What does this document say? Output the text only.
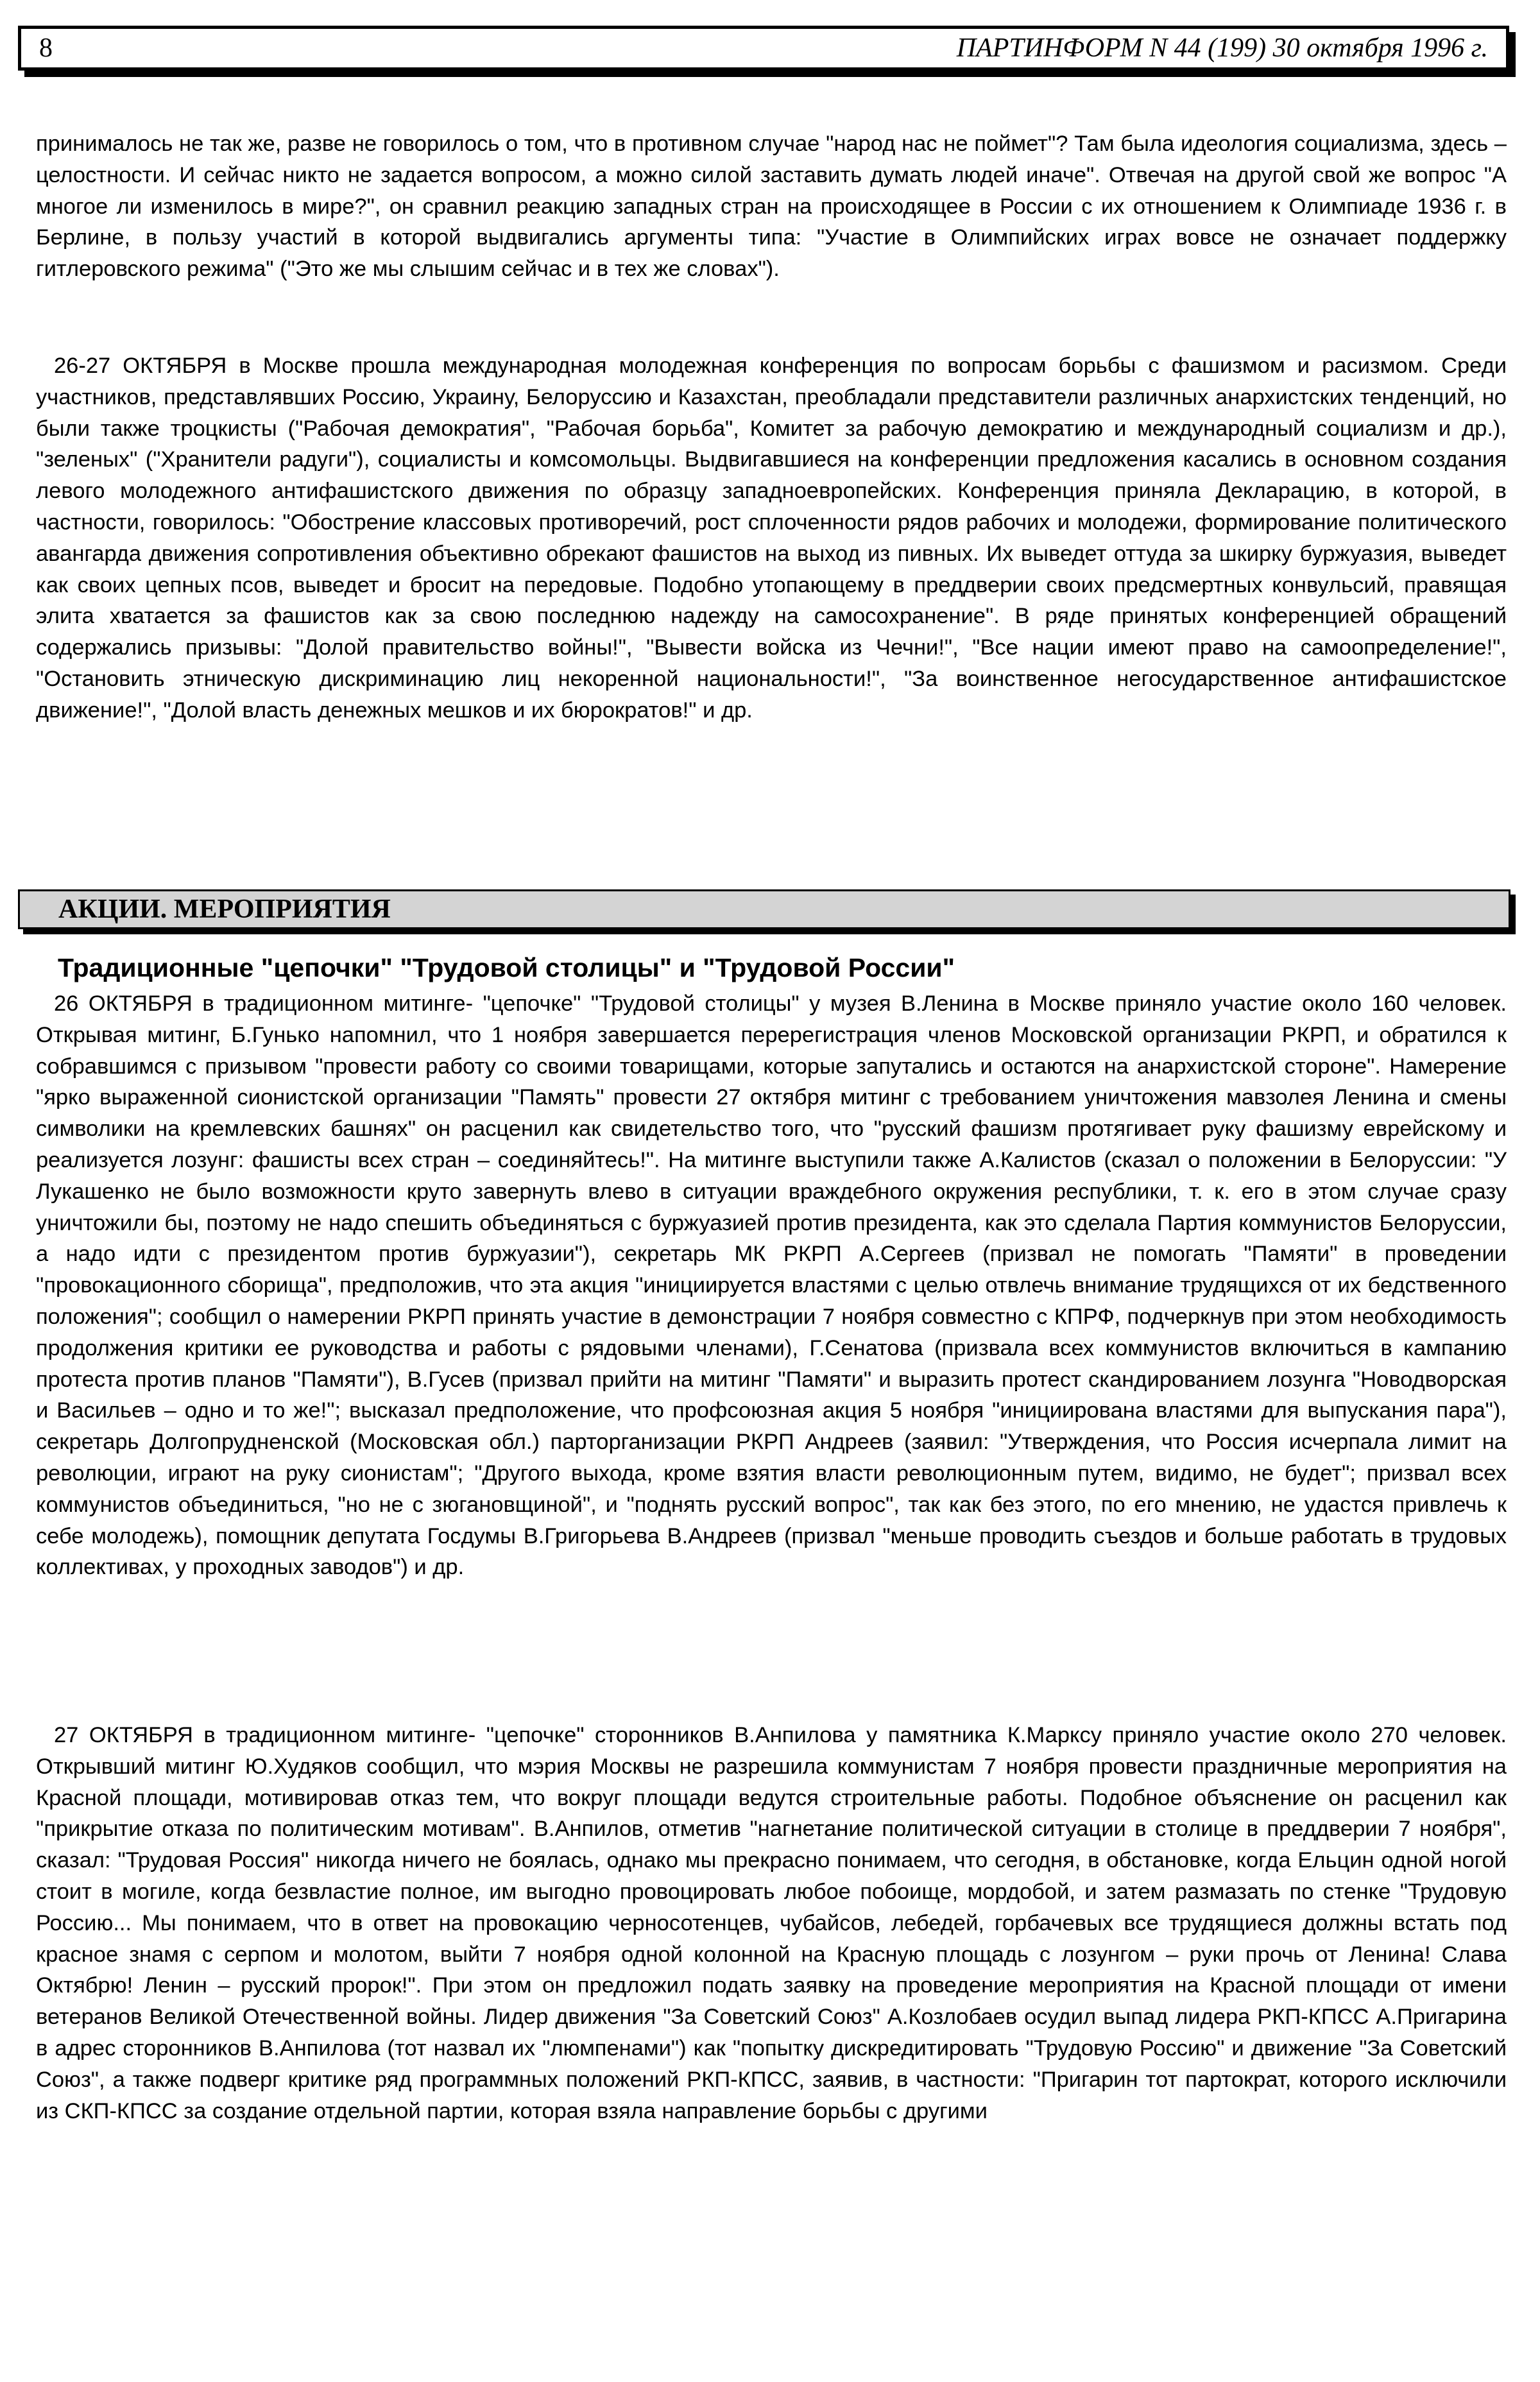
8	ПАРТИНФОРМ N 44 (199) 30 октября 1996 г.

принималось не так же, разве не говорилось о том, что в противном случае "народ нас не поймет"? Там была идеология социализма, здесь – целостности. И сейчас никто не задается вопросом, а можно силой заставить думать людей иначе". Отвечая на другой свой же вопрос "А многое ли изменилось в мире?", он сравнил реакцию западных стран на происходящее в России с их отношением к Олимпиаде 1936 г. в Берлине, в пользу участий в которой выдвигались аргументы типа: "Участие в Олимпийских играх вовсе не означает поддержку гитлеровского режима" ("Это же мы слышим сейчас и в тех же словах").

26-27 ОКТЯБРЯ в Москве прошла международная молодежная конференция по вопросам борьбы с фашизмом и расизмом. Среди участников, представлявших Россию, Украину, Белоруссию и Казахстан, преобладали представители различных анархистских тенденций, но были также троцкисты ("Рабочая демократия", "Рабочая борьба", Комитет за рабочую демократию и международный социализм и др.), "зеленых" ("Хранители радуги"), социалисты и комсомольцы. Выдвигавшиеся на конференции предложения касались в основном создания левого молодежного антифашистского движения по образцу западноевропейских. Конференция приняла Декларацию, в которой, в частности, говорилось: "Обострение классовых противоречий, рост сплоченности рядов рабочих и молодежи, формирование политического авангарда движения сопротивления объективно обрекают фашистов на выход из пивных. Их выведет оттуда за шкирку буржуазия, выведет как своих цепных псов, выведет и бросит на передовые. Подобно утопающему в преддверии своих предсмертных конвульсий, правящая элита хватается за фашистов как за свою последнюю надежду на самосохранение". В ряде принятых конференцией обращений содержались призывы: "Долой правительство войны!", "Вывести войска из Чечни!", "Все нации имеют право на самоопределение!", "Остановить этническую дискриминацию лиц некоренной национальности!", "За воинственное негосударственное антифашистское движение!", "Долой власть денежных мешков и их бюрократов!" и др.

АКЦИИ. МЕРОПРИЯТИЯ
Традиционные "цепочки" "Трудовой столицы" и "Трудовой России"

26 ОКТЯБРЯ в традиционном митинге- "цепочке" "Трудовой столицы" у музея В.Ленина в Москве приняло участие около 160 человек. Открывая митинг, Б.Гунько напомнил, что 1 ноября завершается перерегистрация членов Московской организации РКРП, и обратился к собравшимся с призывом "провести работу со своими товарищами, которые запутались и остаются на анархистской стороне". Намерение "ярко выраженной сионистской организации "Память" провести 27 октября митинг с требованием уничтожения мавзолея Ленина и смены символики на кремлевских башнях" он расценил как свидетельство того, что "русский фашизм протягивает руку фашизму еврейскому и реализуется лозунг: фашисты всех стран – соединяйтесь!". На митинге выступили также А.Калистов (сказал о положении в Белоруссии: "У Лукашенко не было возможности круто завернуть влево в ситуации враждебного окружения республики, т. к. его в этом случае сразу уничтожили бы, поэтому не надо спешить объединяться с буржуазией против президента, как это сделала Партия коммунистов Белоруссии, а надо идти с президентом против буржуазии"), секретарь МК РКРП А.Сергеев (призвал не помогать "Памяти" в проведении "провокационного сборища", предположив, что эта акция "инициируется властями с целью отвлечь внимание трудящихся от их бедственного положения"; сообщил о намерении РКРП принять участие в демонстрации 7 ноября совместно с КПРФ, подчеркнув при этом необходимость продолжения критики ее руководства и работы с рядовыми членами), Г.Сенатова (призвала всех коммунистов включиться в кампанию протеста против планов "Памяти"), В.Гусев (призвал прийти на митинг "Памяти" и выразить протест скандированием лозунга "Новодворская и Васильев – одно и то же!"; высказал предположение, что профсоюзная акция 5 ноября "инициирована властями для выпускания пара"), секретарь Долгопрудненской (Московская обл.) парторганизации РКРП Андреев (заявил: "Утверждения, что Россия исчерпала лимит на революции, играют на руку сионистам"; "Другого выхода, кроме взятия власти революционным путем, видимо, не будет"; призвал всех коммунистов объединиться, "но не с зюгановщиной", и "поднять русский вопрос", так как без этого, по его мнению, не удастся привлечь к себе молодежь), помощник депутата Госдумы В.Григорьева В.Андреев (призвал "меньше проводить съездов и больше работать в трудовых коллективах, у проходных заводов") и др.

27 ОКТЯБРЯ в традиционном митинге- "цепочке" сторонников В.Анпилова у памятника К.Марксу приняло участие около 270 человек. Открывший митинг Ю.Худяков сообщил, что мэрия Москвы не разрешила коммунистам 7 ноября провести праздничные мероприятия на Красной площади, мотивировав отказ тем, что вокруг площади ведутся строительные работы. Подобное объяснение он расценил как "прикрытие отказа по политическим мотивам". В.Анпилов, отметив "нагнетание политической ситуации в столице в преддверии 7 ноября", сказал: "Трудовая Россия" никогда ничего не боялась, однако мы прекрасно понимаем, что сегодня, в обстановке, когда Ельцин одной ногой стоит в могиле, когда безвластие полное, им выгодно провоцировать любое побоище, мордобой, и затем размазать по стенке "Трудовую Россию... Мы понимаем, что в ответ на провокацию черносотенцев, чубайсов, лебедей, горбачевых все трудящиеся должны встать под красное знамя с серпом и молотом, выйти 7 ноября одной колонной на Красную площадь с лозунгом – руки прочь от Ленина! Слава Октябрю! Ленин – русский пророк!". При этом он предложил подать заявку на проведение мероприятия на Красной площади от имени ветеранов Великой Отечественной войны. Лидер движения "За Советский Союз" А.Козлобаев осудил выпад лидера РКП-КПСС А.Пригарина в адрес сторонников В.Анпилова (тот назвал их "люмпенами") как "попытку дискредитировать "Трудовую Россию" и движение "За Советский Союз", а также подверг критике ряд программных положений РКП-КПСС, заявив, в частности: "Пригарин тот партократ, которого исключили из СКП-КПСС за создание отдельной партии, которая взяла направление борьбы с другими
